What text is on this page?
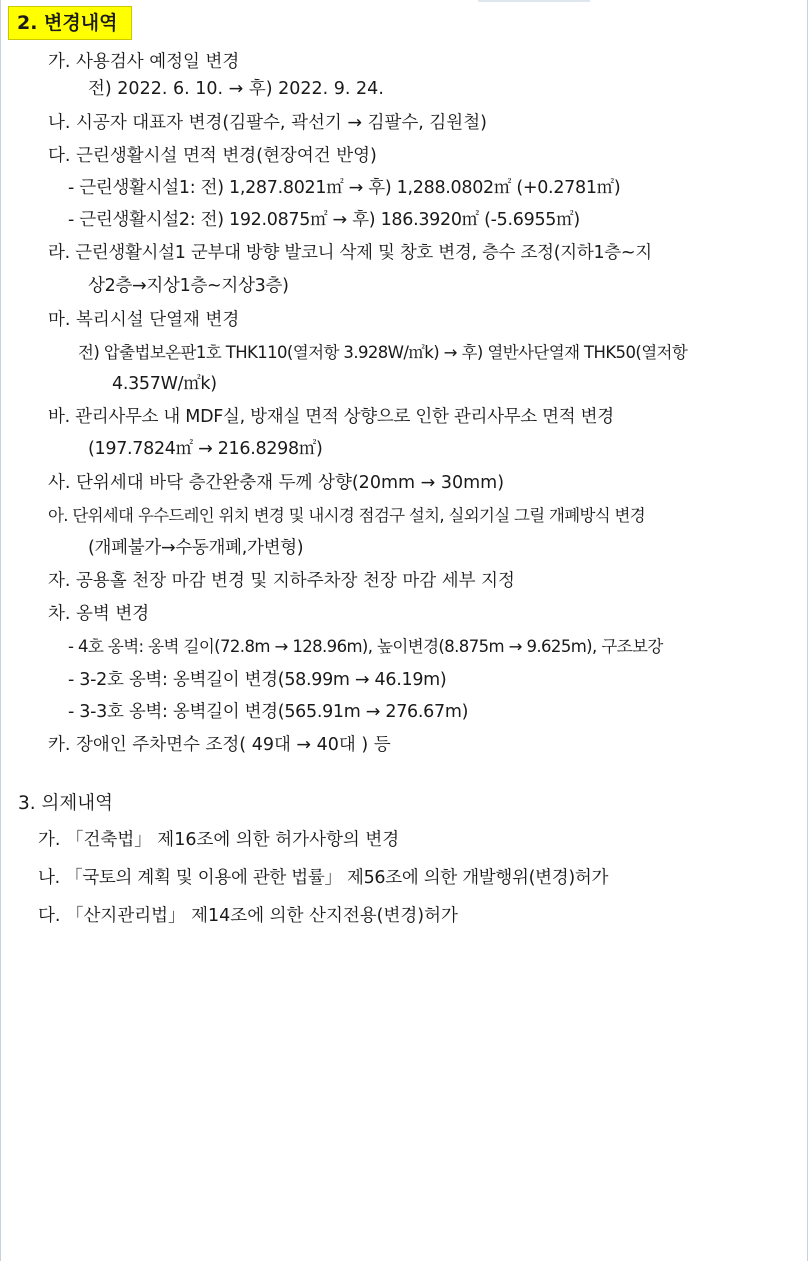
2. 변경내역
가. 사용검사 예정일 변경
전) 2022. 6. 10. → 후) 2022. 9. 24.
나. 시공자 대표자 변경(김팔수, 곽선기 → 김팔수, 김원철)
다. 근린생활시설 면적 변경(현장여건 반영)
- 근린생활시설1: 전) 1,287.8021㎡ → 후) 1,288.0802㎡ (+0.2781㎡)
- 근린생활시설2: 전) 192.0875㎡ → 후) 186.3920㎡ (-5.6955㎡)
라. 근린생활시설1 군부대 방향 발코니 삭제 및 창호 변경, 층수 조정(지하1층~지
상2층→지상1층~지상3층)
마. 복리시설 단열재 변경
전) 압출법보온판1호 THK110(열저항 3.928W/㎡k) → 후) 열반사단열재 THK50(열저항
4.357W/㎡k)
바. 관리사무소 내 MDF실, 방재실 면적 상향으로 인한 관리사무소 면적 변경
(197.7824㎡ → 216.8298㎡)
사. 단위세대 바닥 층간완충재 두께 상향(20mm → 30mm)
아. 단위세대 우수드레인 위치 변경 및 내시경 점검구 설치, 실외기실 그릴 개폐방식 변경
(개폐불가→수동개폐,가변형)
자. 공용홀 천장 마감 변경 및 지하주차장 천장 마감 세부 지정
차. 옹벽 변경
- 4호 옹벽: 옹벽 길이(72.8m → 128.96m), 높이변경(8.875m → 9.625m), 구조보강
- 3-2호 옹벽: 옹벽길이 변경(58.99m → 46.19m)
- 3-3호 옹벽: 옹벽길이 변경(565.91m → 276.67m)
카. 장애인 주차면수 조정( 49대 → 40대 ) 등
3. 의제내역
가. 「건축법」 제16조에 의한 허가사항의 변경
나. 「국토의 계획 및 이용에 관한 법률」 제56조에 의한 개발행위(변경)허가
다. 「산지관리법」 제14조에 의한 산지전용(변경)허가
